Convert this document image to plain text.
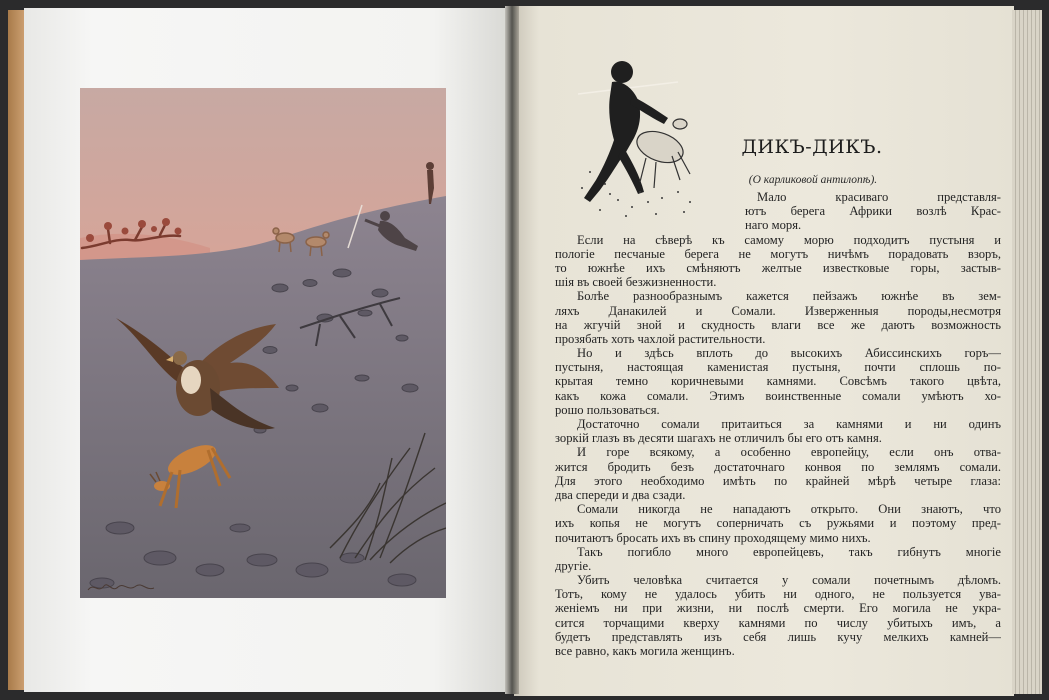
ДИКЪ-ДИКЪ.
(О карликовой антилопѣ).
Мало красиваго представля-
ютъ берега Африки возлѣ Крас-
наго моря.
Если на сѣверѣ къ самому морю подходитъ пустыня и
пологіе песчаные берега не могутъ ничѣмъ порадовать взоръ,
то южнѣе ихъ смѣняютъ желтые известковые горы, застыв-
шія въ своей безжизненности.
Болѣе разнообразнымъ кажется пейзажъ южнѣе въ зем-
ляхъ Данакилей и Сомали. Изверженныя породы,несмотря
на жгучій зной и скудность влаги все же даютъ возможность
прозябать хоть чахлой растительности.
Но и здѣсь вплоть до высокихъ Абиссинскихъ горъ—
пустыня, настоящая каменистая пустыня, почти сплошь по-
крытая темно коричневыми камнями. Совсѣмъ такого цвѣта,
какъ кожа сомали. Этимъ воинственные сомали умѣютъ хо-
рошо пользоваться.
Достаточно сомали притаиться за камнями и ни одинъ
зоркій глазъ въ десяти шагахъ не отличилъ бы его отъ камня.
И горе всякому, а особенно европейцу, если онъ отва-
жится бродить безъ достаточнаго конвоя по землямъ сомали.
Для этого необходимо имѣть по крайней мѣрѣ четыре глаза:
два спереди и два сзади.
Сомали никогда не нападаютъ открыто. Они знаютъ, что
ихъ копья не могутъ соперничать съ ружьями и поэтому пред-
почитаютъ бросать ихъ въ спину проходящему мимо нихъ.
Такъ погибло много европейцевъ, такъ гибнутъ многіе
другіе.
Убить человѣка считается у сомали почетнымъ дѣломъ.
Тотъ, кому не удалось убить ни одного, не пользуется ува-
женіемъ ни при жизни, ни послѣ смерти. Его могила не укра-
сится торчащими кверху камнями по числу убитыхъ имъ, а
будетъ представлять изъ себя лишь кучу мелкихъ камней—
все равно, какъ могила женщинъ.
